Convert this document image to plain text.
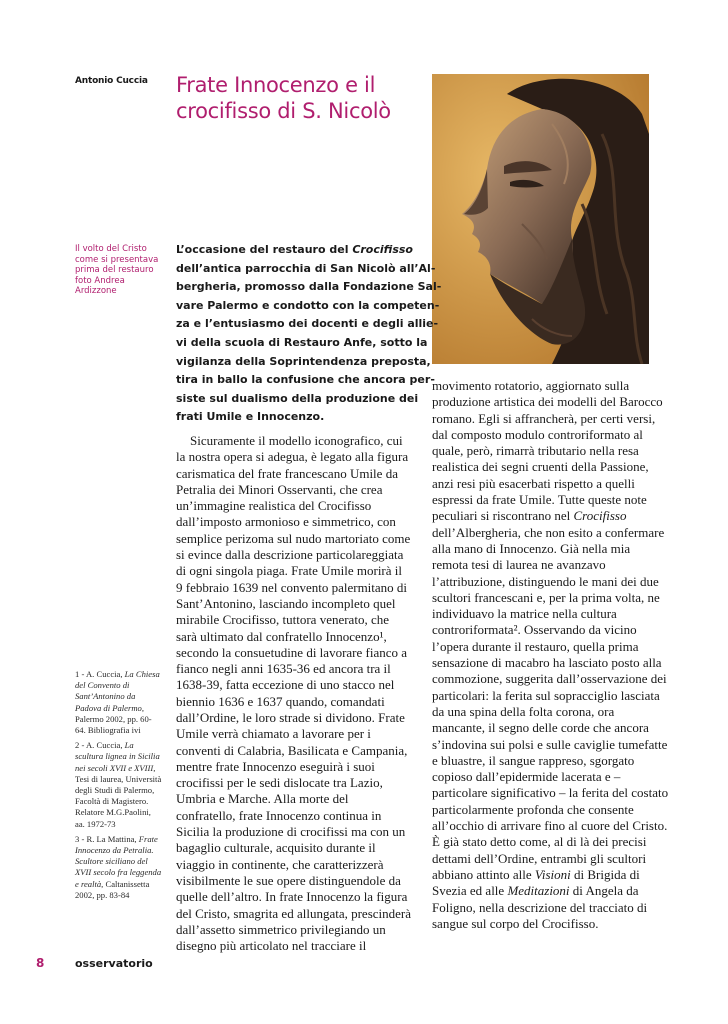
Antonio Cuccia Frate Innocenzo e il
crocifisso di S. Nicolò
Il volto del Cristo
come si presentava
prima del restauro
foto Andrea
Ardizzone

L’occasione del restauro del Crocifisso
dell’antica parrocchia di San Nicolò all’Al-
bergheria, promosso dalla Fondazione Sal-
vare Palermo e condotto con la competen-
za e l’entusiasmo dei docenti e degli allie-
vi della scuola di Restauro Anfe, sotto la
vigilanza della Soprintendenza preposta,
tira in ballo la confusione che ancora per-
siste sul dualismo della produzione dei
frati Umile e Innocenzo.

Sicuramente il modello iconografico, cui
la nostra opera si adegua, è legato alla figura
carismatica del frate francescano Umile da
Petralia dei Minori Osservanti, che crea
un’immagine realistica del Crocifisso
dall’imposto armonioso e simmetrico, con
semplice perizoma sul nudo martoriato come
si evince dalla descrizione particolareggiata
di ogni singola piaga. Frate Umile morirà il
9 febbraio 1639 nel convento palermitano di
Sant’Antonino, lasciando incompleto quel
mirabile Crocifisso, tuttora venerato, che
sarà ultimato dal confratello Innocenzo¹,
secondo la consuetudine di lavorare fianco a
fianco negli anni 1635-36 ed ancora tra il
1638-39, fatta eccezione di uno stacco nel
biennio 1636 e 1637 quando, comandati
dall’Ordine, le loro strade si dividono. Frate
Umile verrà chiamato a lavorare per i
conventi di Calabria, Basilicata e Campania,
mentre frate Innocenzo eseguirà i suoi
crocifissi per le sedi dislocate tra Lazio,
Umbria e Marche. Alla morte del
confratello, frate Innocenzo continua in
Sicilia la produzione di crocifissi ma con un
bagaglio culturale, acquisito durante il
viaggio in continente, che caratterizzerà
visibilmente le sue opere distinguendole da
quelle dell’altro. In frate Innocenzo la figura
del Cristo, smagrita ed allungata, prescinderà
dall’assetto simmetrico privilegiando un
disegno più articolato nel tracciare il
movimento rotatorio, aggiornato sulla
produzione artistica dei modelli del Barocco
romano. Egli si affrancherà, per certi versi,
dal composto modulo controriformato al
quale, però, rimarrà tributario nella resa
realistica dei segni cruenti della Passione,
anzi resi più esacerbati rispetto a quelli
espressi da frate Umile. Tutte queste note
peculiari si riscontrano nel Crocifisso
dell’Albergheria, che non esito a confermare
alla mano di Innocenzo. Già nella mia
remota tesi di laurea ne avanzavo
l’attribuzione, distinguendo le mani dei due
scultori francescani e, per la prima volta, ne
individuavo la matrice nella cultura
controriformata². Osservando da vicino
l’opera durante il restauro, quella prima
sensazione di macabro ha lasciato posto alla
commozione, suggerita dall’osservazione dei
particolari: la ferita sul sopracciglio lasciata
da una spina della folta corona, ora
mancante, il segno delle corde che ancora
s’indovina sui polsi e sulle caviglie tumefatte
e bluastre, il sangue rappreso, sgorgato
copioso dall’epidermide lacerata e –
particolare significativo – la ferita del costato
particolarmente profonda che consente
all’occhio di arrivare fino al cuore del Cristo.
È già stato detto come, al di là dei precisi
dettami dell’Ordine, entrambi gli scultori
abbiano attinto alle Visioni di Brigida di
Svezia ed alle Meditazioni di Angela da
Foligno, nella descrizione del tracciato di
sangue sul corpo del Crocifisso.
1 - A. Cuccia, La Chiesa
del Convento di
Sant’Antonino da
Padova di Palermo,
Palermo 2002, pp. 60-
64. Bibliografia ivi
2 - A. Cuccia, La
scultura lignea in Sicilia
nei secoli XVII e XVIII,
Tesi di laurea, Università
degli Studi di Palermo,
Facoltà di Magistero.
Relatore M.G.Paolini,
aa. 1972-73
3 - R. La Mattina, Frate
Innocenzo da Petralia.
Scultore siciliano del
XVII secolo fra leggenda
e realtà, Caltanissetta
2002, pp. 83-84
8	osservatorio
